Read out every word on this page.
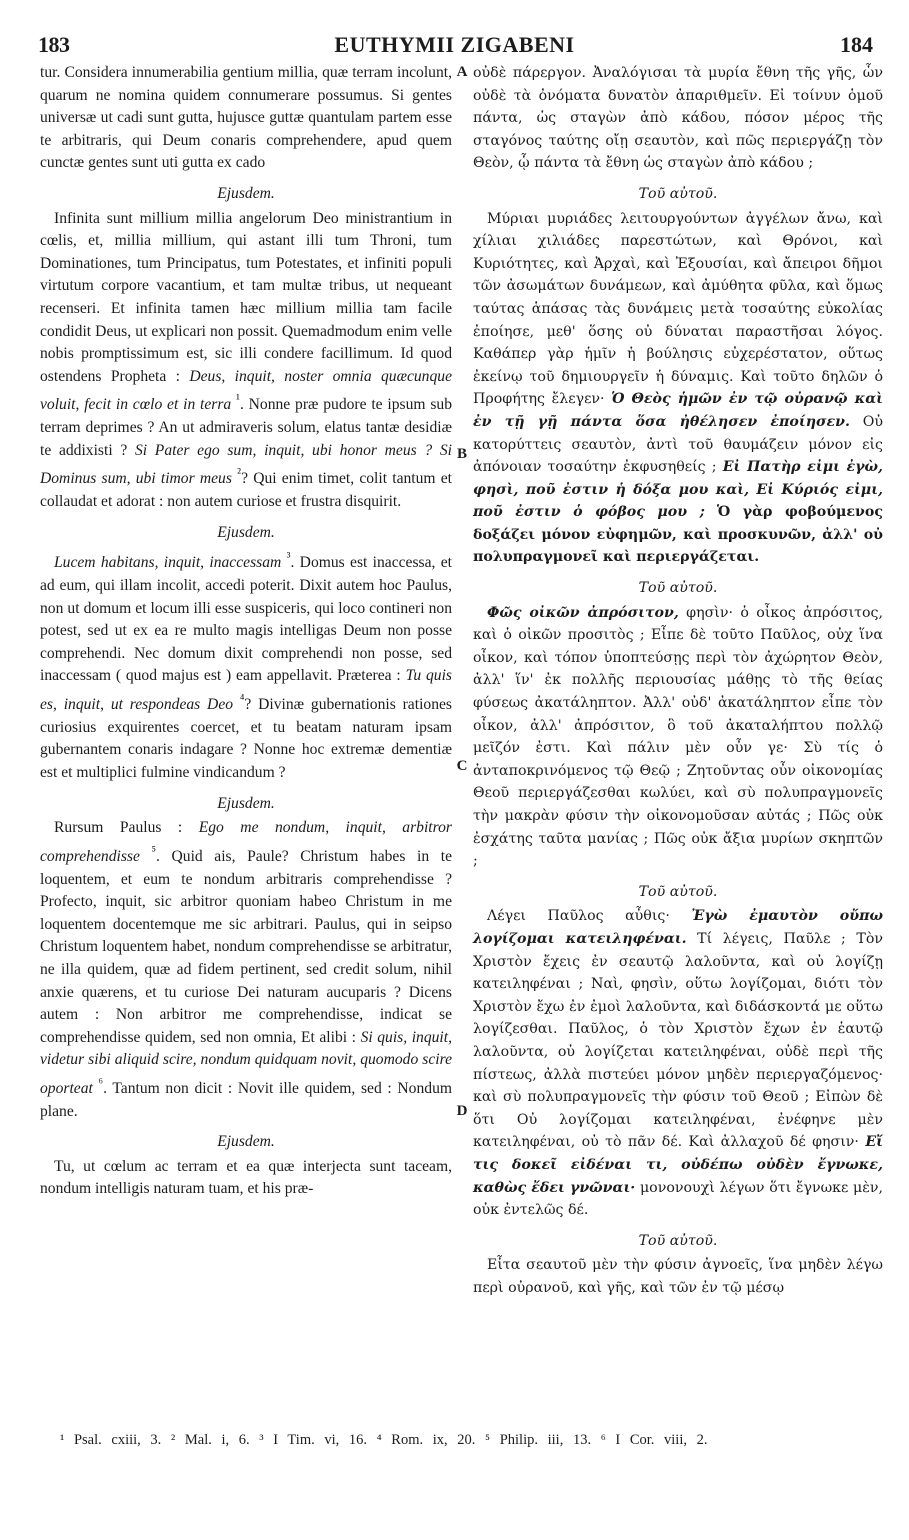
183	EUTHYMII ZIGABENI	184
A
B
C
D

tur. Considera innumerabilia gentium millia, quæ terram incolunt, quarum ne nomina quidem connumerare possumus. Si gentes universæ ut cadi sunt gutta, hujusce guttæ quantulam partem esse te arbitraris, qui Deum conaris comprehendere, apud quem cunctæ gentes sunt uti gutta ex cado

Ejusdem.

Infinita sunt millium millia angelorum Deo ministrantium in cœlis, et, millia millium, qui astant illi tum Throni, tum Dominationes, tum Principatus, tum Potestates, et infiniti populi virtutum corpore vacantium, et tam multæ tribus, ut nequeant recenseri. Et infinita tamen hæc millium millia tam facile condidit Deus, ut explicari non possit. Quemadmodum enim velle nobis promptissimum est, sic illi condere facillimum. Id quod ostendens Propheta : Deus, inquit, noster omnia quæcunque voluit, fecit in cœlo et in terra $^{^1}$. Nonne præ pudore te ipsum sub terram deprimes ? An ut admiraveris solum, elatus tantæ desidiæ te addixisti ? Si Pater ego sum, inquit, ubi honor meus ? Si Dominus sum, ubi timor meus $^{^2}$? Qui enim timet, colit tantum et collaudat et adorat : non autem curiose et frustra disquirit.

Ejusdem.

Lucem habitans, inquit, inaccessam $^{^3}$. Domus est inaccessa, et ad eum, qui illam incolit, accedi poterit. Dixit autem hoc Paulus, non ut domum et locum illi esse suspiceris, qui loco contineri non potest, sed ut ex ea re multo magis intelligas Deum non posse comprehendi. Nec domum dixit comprehendi non posse, sed inaccessam ( quod majus est ) eam appellavit. Præterea : Tu quis es, inquit, ut respondeas Deo $^{^4}$? Divinæ gubernationis rationes curiosius exquirentes coercet, et tu beatam naturam ipsam gubernantem conaris indagare ? Nonne hoc extremæ dementiæ est et multiplici fulmine vindicandum ?

Ejusdem.

Rursum Paulus : Ego me nondum, inquit, arbitror comprehendisse $^{^5}$. Quid ais, Paule? Christum habes in te loquentem, et eum te nondum arbitraris comprehendisse ? Profecto, inquit, sic arbitror quoniam habeo Christum in me loquentem docentemque me sic arbitrari. Paulus, qui in seipso Christum loquentem habet, nondum comprehendisse se arbitratur, ne illa quidem, quæ ad fidem pertinent, sed credit solum, nihil anxie quærens, et tu curiose Dei naturam aucuparis ? Dicens autem : Non arbitror me comprehendisse, indicat se comprehendisse quidem, sed non omnia, Et alibi : Si quis, inquit, videtur sibi aliquid scire, nondum quidquam novit, quomodo scire oporteat $^{^6}$. Tantum non dicit : Novit ille quidem, sed : Nondum plane.

Ejusdem.

Tu, ut cœlum ac terram et ea quæ interjecta sunt taceam, nondum intelligis naturam tuam, et his præ-

οὐδὲ πάρεργον. Ἀναλόγισαι τὰ μυρία ἔθνη τῆς γῆς, ὧν οὐδὲ τὰ ὀνόματα δυνατὸν ἀπαριθμεῖν. Εἰ τοίνυν ὁμοῦ πάντα, ὡς σταγὼν ἀπὸ κάδου, πόσον μέρος τῆς σταγόνος ταύτης οἴῃ σεαυτὸν, καὶ πῶς περιεργάζῃ τὸν Θεὸν, ᾧ πάντα τὰ ἔθνη ὡς σταγὼν ἀπὸ κάδου ;

Τοῦ αὐτοῦ.

Μύριαι μυριάδες λειτουργούντων ἀγγέλων ἄνω, καὶ χίλιαι χιλιάδες παρεστώτων, καὶ Θρόνοι, καὶ Κυριότητες, καὶ Ἀρχαὶ, καὶ Ἐξουσίαι, καὶ ἄπειροι δῆμοι τῶν ἀσωμάτων δυνάμεων, καὶ ἀμύθητα φῦλα, καὶ ὅμως ταύτας ἁπάσας τὰς δυνάμεις μετὰ τοσαύτης εὐκολίας ἐποίησε, μεθ' ὅσης οὐ δύναται παραστῆσαι λόγος. Καθάπερ γὰρ ἡμῖν ἡ βούλησις εὐχερέστατον, οὕτως ἐκείνῳ τοῦ δημιουργεῖν ἡ δύναμις. Καὶ τοῦτο δηλῶν ὁ Προφήτης ἔλεγεν· Ὁ Θεὸς ἡμῶν ἐν τῷ οὐρανῷ καὶ ἐν τῇ γῇ πάντα ὅσα ἠθέλησεν ἐποίησεν. Οὐ κατορύττεις σεαυτὸν, ἀντὶ τοῦ θαυμάζειν μόνον εἰς ἀπόνοιαν τοσαύτην ἐκφυσηθείς ; Εἰ Πατὴρ εἰμι ἐγὼ, φησὶ, ποῦ ἐστιν ἡ δόξα μου καὶ, Εἰ Κύριός εἰμι, ποῦ ἐστιν ὁ φόβος μου ; Ὁ γὰρ φοβούμενος δοξάζει μόνον εὐφημῶν, καὶ προσκυνῶν, ἀλλ' οὐ πολυπραγμονεῖ καὶ περιεργάζεται.

Τοῦ αὐτοῦ.

Φῶς οἰκῶν ἀπρόσιτον, φησὶν· ὁ οἶκος ἀπρόσιτος, καὶ ὁ οἰκῶν προσιτὸς ; Εἶπε δὲ τοῦτο Παῦλος, οὐχ ἵνα οἶκον, καὶ τόπον ὑποπτεύσῃς περὶ τὸν ἀχώρητον Θεὸν, ἀλλ' ἵν' ἐκ πολλῆς περιουσίας μάθῃς τὸ τῆς θείας φύσεως ἀκατάληπτον. Ἀλλ' οὐδ' ἀκατάληπτον εἶπε τὸν οἶκον, ἀλλ' ἀπρόσιτον, ὃ τοῦ ἀκαταλήπτου πολλῷ μεῖζόν ἐστι. Καὶ πάλιν μὲν οὖν γε· Σὺ τίς ὁ ἀνταποκρινόμενος τῷ Θεῷ ; Ζητοῦντας οὖν οἰκονομίας Θεοῦ περιεργάζεσθαι κωλύει, καὶ σὺ πολυπραγμονεῖς τὴν μακρὰν φύσιν τὴν οἰκονομοῦσαν αὐτάς ; Πῶς οὐκ ἐσχάτης ταῦτα μανίας ; Πῶς οὐκ ἄξια μυρίων σκηπτῶν ;

Τοῦ αὐτοῦ.

Λέγει Παῦλος αὖθις· Ἐγὼ ἐμαυτὸν οὔπω λογίζομαι κατειληφέναι. Τί λέγεις, Παῦλε ; Τὸν Χριστὸν ἔχεις ἐν σεαυτῷ λαλοῦντα, καὶ οὐ λογίζῃ κατειληφέναι ; Ναὶ, φησὶν, οὕτω λογίζομαι, διότι τὸν Χριστὸν ἔχω ἐν ἐμοὶ λαλοῦντα, καὶ διδάσκοντά με οὕτω λογίζεσθαι. Παῦλος, ὁ τὸν Χριστὸν ἔχων ἐν ἑαυτῷ λαλοῦντα, οὐ λογίζεται κατειληφέναι, οὐδὲ περὶ τῆς πίστεως, ἀλλὰ πιστεύει μόνον μηδὲν περιεργαζόμενος· καὶ σὺ πολυπραγμονεῖς τὴν φύσιν τοῦ Θεοῦ ; Εἰπὼν δὲ ὅτι Οὐ λογίζομαι κατειληφέναι, ἐνέφηνε μὲν κατειληφέναι, οὐ τὸ πᾶν δέ. Καὶ ἀλλαχοῦ δέ φησιν· Εἴ τις δοκεῖ εἰδέναι τι, οὐδέπω οὐδὲν ἔγνωκε, καθὼς ἔδει γνῶναι· μονονουχὶ λέγων ὅτι ἔγνωκε μὲν, οὐκ ἐντελῶς δέ.

Τοῦ αὐτοῦ.

Εἶτα σεαυτοῦ μὲν τὴν φύσιν ἀγνοεῖς, ἵνα μηδὲν λέγω περὶ οὐρανοῦ, καὶ γῆς, καὶ τῶν ἐν τῷ μέσῳ

¹ Psal. cxiii, 3. ² Mal. i, 6. ³ I Tim. vi, 16. ⁴ Rom. ix, 20. ⁵ Philip. iii, 13. ⁶ I Cor. viii, 2.
